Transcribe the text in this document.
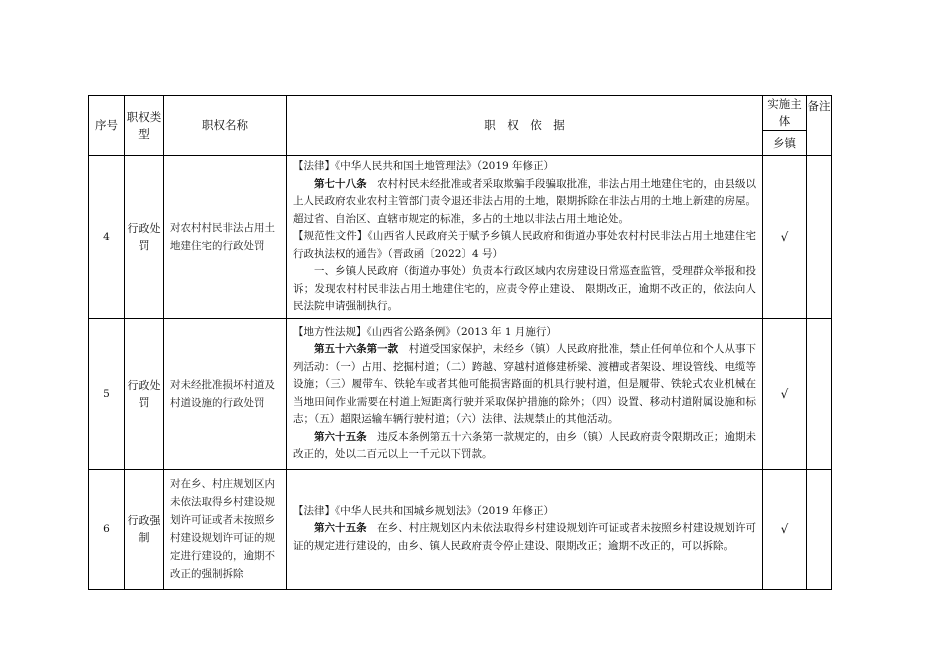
序号	职权类型	职权名称	职　权　依　据	实施主体	备注
				乡镇	
4	行政处罚	对农村村民非法占用土地建住宅的行政处罚	【法律】《中华人民共和国土地管理法》（2019 年修正）

第七十八条　农村村民未经批准或者采取欺骗手段骗取批准，非法占用土地建住宅的，由县级以上人民政府农业农村主管部门责令退还非法占用的土地，限期拆除在非法占用的土地上新建的房屋。超过省、自治区、直辖市规定的标准，多占的土地以非法占用土地论处。

【规范性文件】《山西省人民政府关于赋予乡镇人民政府和街道办事处农村村民非法占用土地建住宅行政执法权的通告》（晋政函〔2022〕4 号）

一、乡镇人民政府（街道办事处）负责本行政区域内农房建设日常巡查监管，受理群众举报和投诉；发现农村村民非法占用土地建住宅的，应责令停止建设、 限期改正，逾期不改正的，依法向人民法院申请强制执行。	√	
5	行政处罚	对未经批准损坏村道及村道设施的行政处罚	【地方性法规】《山西省公路条例》（2013 年 1 月施行）

第五十六条第一款　村道受国家保护，未经乡（镇）人民政府批准，禁止任何单位和个人从事下列活动：（一）占用、挖掘村道；（二）跨越、穿越村道修建桥梁、渡槽或者架设、埋设管线、电缆等设施；（三）履带车、铁轮车或者其他可能损害路面的机具行驶村道，但是履带、铁轮式农业机械在当地田间作业需要在村道上短距离行驶并采取保护措施的除外；（四）设置、移动村道附属设施和标志；（五）超限运输车辆行驶村道；（六）法律、法规禁止的其他活动。

第六十五条　违反本条例第五十六条第一款规定的，由乡（镇）人民政府责令限期改正；逾期未改正的，处以二百元以上一千元以下罚款。	√	
6	行政强制	对在乡、村庄规划区内未依法取得乡村建设规划许可证或者未按照乡村建设规划许可证的规定进行建设的，逾期不改正的强制拆除	【法律】《中华人民共和国城乡规划法》（2019 年修正）

第六十五条　在乡、村庄规划区内未依法取得乡村建设规划许可证或者未按照乡村建设规划许可证的规定进行建设的，由乡、镇人民政府责令停止建设、限期改正；逾期不改正的，可以拆除。	√	
